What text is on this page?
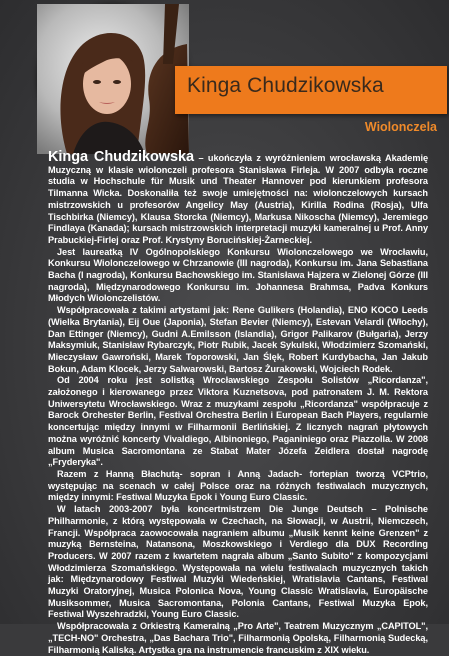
Kinga Chudzikowska
Wiolonczela

Kinga Chudzikowska – ukończyła z wyróżnieniem wrocławską Akademię Muzyczną w klasie wiolonczeli profesora Stanisława Firleja. W 2007 odbyła roczne studia w Hochschule für Musik und Theater Hannover pod kierunkiem profesora Tilmanna Wicka. Doskonaliła też swoje umiejętności na: wiolonczelowych kursach mistrzowskich u profesorów Angelicy May (Austria), Kirilla Rodina (Rosja), Ulfa Tischbirka (Niemcy), Klausa Storcka (Niemcy), Markusa Nikoscha (Niemcy), Jeremiego Findlaya (Kanada); kursach mistrzowskich interpretacji muzyki kameralnej u Prof. Anny Prabuckiej-Firlej oraz Prof. Krystyny Borucińskiej-Żarneckiej.

Jest laureatką IV Ogólnopolskiego Konkursu Wiolonczelowego we Wrocławiu, Konkursu Wiolonczelowego w Chrzanowie (III nagroda), Konkursu im. Jana Sebastiana Bacha (I nagroda), Konkursu Bachowskiego im. Stanisława Hajzera w Zielonej Górze (III nagroda), Międzynarodowego Konkursu im. Johannesa Brahmsa, Padva Konkurs Młodych Wiolonczelistów.

Współpracowała z takimi artystami jak: Rene Gulikers (Holandia), ENO KOCO Leeds (Wielka Brytania), Eij Oue (Japonia), Stefan Bevier (Niemcy), Estevan Velardi (Włochy), Dan Ettinger (Niemcy), Gudni A.Emilsson (Islandia), Grigor Palikarov (Bułgaria), Jerzy Maksymiuk, Stanisław Rybarczyk, Piotr Rubik, Jacek Sykulski, Włodzimierz Szomański, Mieczysław Gawroński, Marek Toporowski, Jan Ślęk, Robert Kurdybacha, Jan Jakub Bokun, Adam Klocek, Jerzy Salwarowski, Bartosz Żurakowski, Wojciech Rodek.

Od 2004 roku jest solistką Wrocławskiego Zespołu Solistów „Ricordanza", założonego i kierowanego przez Viktora Kuznetsova, pod patronatem J. M. Rektora Uniwersytetu Wrocławskiego. Wraz z muzykami zespołu „Ricordanza" współpracuje z Barock Orchester Berlin, Festival Orchestra Berlin i European Bach Players, regularnie koncertując między innymi w Filharmonii Berlińskiej. Z licznych nagrań płytowych można wyróżnić koncerty Vivaldiego, Albinoniego, Paganiniego oraz Piazzolla. W 2008 album Musica Sacromontana ze Stabat Mater Józefa Zeidlera dostał nagrodę „Fryderyka".

Razem z Hanną Błachutą- sopran i Anną Jadach- fortepian tworzą VCPtrio, występując na scenach w całej Polsce oraz na różnych festiwalach muzycznych, między innymi: Festiwal Muzyka Epok i Young Euro Classic.

W latach 2003-2007 była koncertmistrzem Die Junge Deutsch – Polnische Philharmonie, z którą występowała w Czechach, na Słowacji, w Austrii, Niemczech, Francji. Współpraca zaowocowała nagraniem albumu „Musik kennt keine Grenzen" z muzyką Bernsteina, Natansona, Moszkowskiego i Verdiego dla DUX Recording Producers. W 2007 razem z kwartetem nagrała album „Santo Subito" z kompozycjami Włodzimierza Szomańskiego. Występowała na wielu festiwalach muzycznych takich jak: Międzynarodowy Festiwal Muzyki Wiedeńskiej, Wratislavia Cantans, Festiwal Muzyki Oratoryjnej, Musica Polonica Nova, Young Classic Wratislavia, Europäische Musiksommer, Musica Sacromontana, Polonia Cantans, Festiwal Muzyka Epok, Festiwal Wyszehradzki, Young Euro Classic.

Współpracowała z Orkiestrą Kameralną „Pro Arte", Teatrem Muzycznym „CAPITOL", „TECH-NO" Orchestra, „Das Bachara Trio", Filharmonią Opolską, Filharmonią Sudecką, Filharmonią Kaliską. Artystka gra na instrumencie francuskim z XIX wieku.
